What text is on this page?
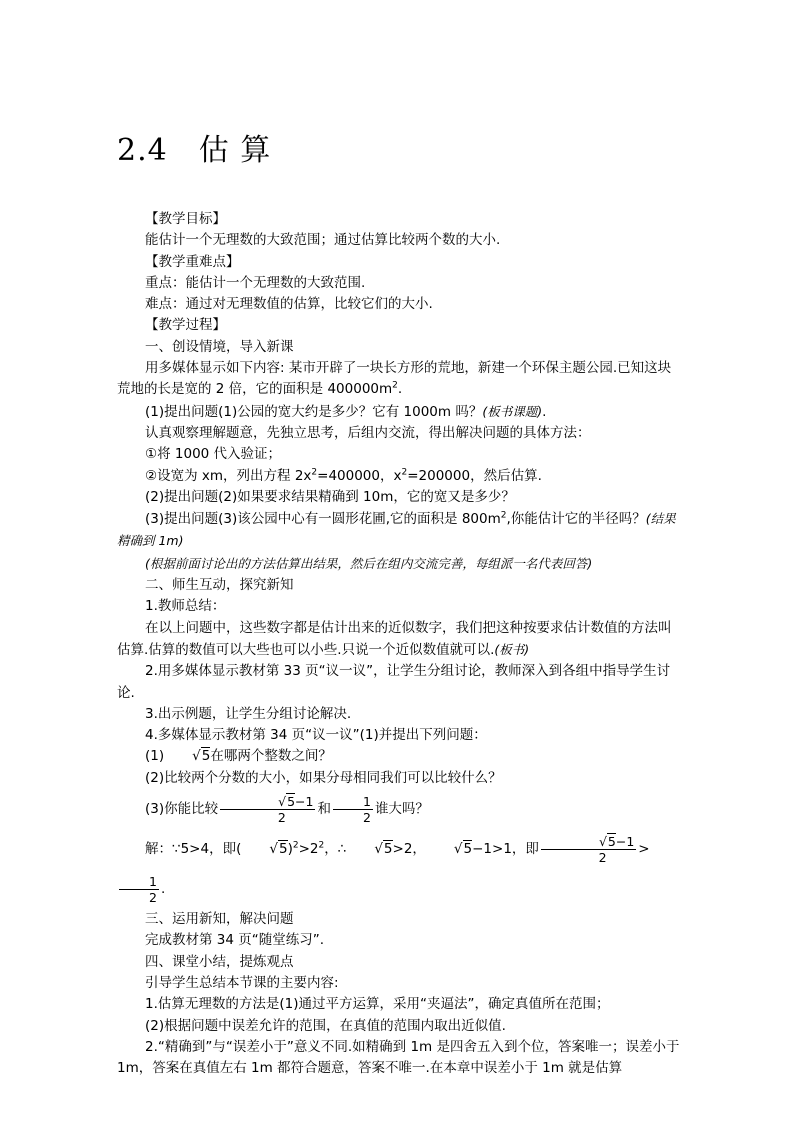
2.4　估 算

【教学目标】

能估计一个无理数的大致范围；通过估算比较两个数的大小.

【教学重难点】

重点：能估计一个无理数的大致范围.

难点：通过对无理数值的估算，比较它们的大小.

【教学过程】

一、创设情境，导入新课

用多媒体显示如下内容: 某市开辟了一块长方形的荒地，新建一个环保主题公园.已知这块荒地的长是宽的 2 倍，它的面积是 $400000m^2$.

(1)提出问题(1)公园的宽大约是多少？它有 1000m 吗？(板书课题).

认真观察理解题意，先独立思考，后组内交流，得出解决问题的具体方法：

①将 1000 代入验证；

②设宽为 xm，列出方程 $2x^2=400000$，$x^2=200000$，然后估算.

(2)提出问题(2)如果要求结果精确到 10m，它的宽又是多少？

(3)提出问题(3)该公园中心有一圆形花圃,它的面积是 $800m^2$,你能估计它的半径吗？(结果精确到 1m)

(根据前面讨论出的方法估算出结果，然后在组内交流完善，每组派一名代表回答)

二、师生互动，探究新知

1.教师总结：

在以上问题中，这些数字都是估计出来的近似数字，我们把这种按要求估计数值的方法叫估算.估算的数值可以大些也可以小些.只说一个近似数值就可以.(板书)

2.用多媒体显示教材第 33 页“议一议”，让学生分组讨论，教师深入到各组中指导学生讨论.

3.出示例题，让学生分组讨论解决.

4.多媒体显示教材第 34 页“议一议”(1)并提出下列问题：

(1) √5在哪两个整数之间？

(2)比较两个分数的大小，如果分母相同我们可以比较什么？

(3)你能比较 $\frac{√5-1}{2}$ 和 $\frac{1}{2}$ 谁大吗？

解：∵5>4，即( $√5)^2>2^2$，∴ √5>2， √5−1>1，即 $\frac{√5-1}{2}$ >
$\frac{1}{2}$ .

三、运用新知，解决问题

完成教材第 34 页“随堂练习”.

四、课堂小结，提炼观点

引导学生总结本节课的主要内容:

1.估算无理数的方法是(1)通过平方运算，采用“夹逼法”，确定真值所在范围；

(2)根据问题中误差允许的范围，在真值的范围内取出近似值.

2.“精确到”与“误差小于”意义不同.如精确到 1m 是四舍五入到个位，答案唯一；误差小于 1m，答案在真值左右 1m 都符合题意，答案不唯一.在本章中误差小于 1m 就是估算
